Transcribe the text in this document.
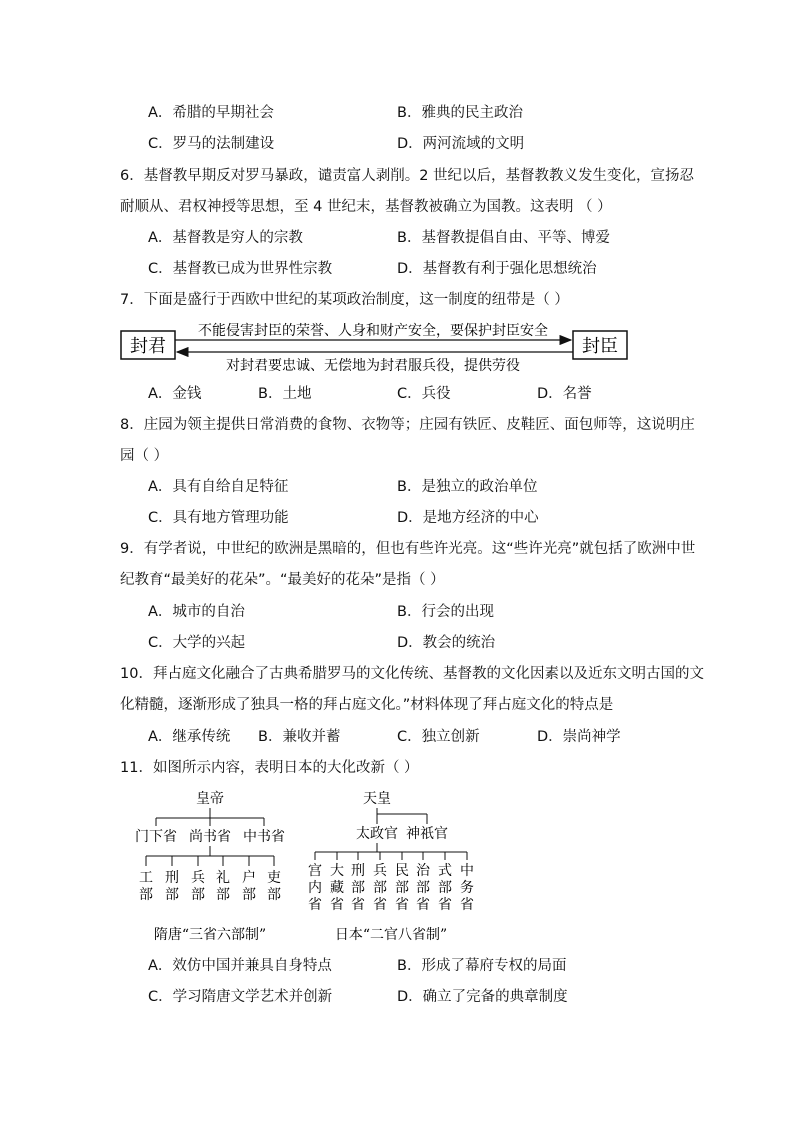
A．希腊的早期社会	B．雅典的民主政治
C．罗马的法制建设	D．两河流域的文明
6．基督教早期反对罗马暴政，谴责富人剥削。2 世纪以后，基督教教义发生变化，宣扬忍
耐顺从、君权神授等思想，至 4 世纪末，基督教被确立为国教。这表明 （ ）
A．基督教是穷人的宗教	B．基督教提倡自由、平等、博爱
C．基督教已成为世界性宗教	D．基督教有利于强化思想统治
7．下面是盛行于西欧中世纪的某项政治制度，这一制度的纽带是（ ）
封君	封臣
不能侵害封臣的荣誉、人身和财产安全，要保护封臣安全
对封君要忠诚、无偿地为封君服兵役，提供劳役
A．金钱	B．土地	C．兵役	D．名誉
8．庄园为领主提供日常消费的食物、衣物等；庄园有铁匠、皮鞋匠、面包师等，这说明庄
园（ ）
A．具有自给自足特征	B．是独立的政治单位
C．具有地方管理功能	D．是地方经济的中心
9．有学者说，中世纪的欧洲是黑暗的，但也有些许光亮。这“些许光亮”就包括了欧洲中世
纪教育“最美好的花朵”。“最美好的花朵”是指（ ）
A．城市的自治	B．行会的出现
C．大学的兴起	D．教会的统治
10．拜占庭文化融合了古典希腊罗马的文化传统、基督教的文化因素以及近东文明古国的文
化精髓，逐渐形成了独具一格的拜占庭文化。”材料体现了拜占庭文化的特点是
A．继承传统 B．兼收并蓄	C．独立创新	D．崇尚神学
11．如图所示内容，表明日本的大化改新（ ）
皇帝
门下省 尚书省 中书省
工部
刑部
兵部
礼部
户部
吏部
隋唐“三省六部制”
天皇
太政官 神祇官
宫内省
大藏省
刑部省
兵部省
民部省
治部省
式部省
中务省
日本“二官八省制”
A．效仿中国并兼具自身特点	B．形成了幕府专权的局面
C．学习隋唐文学艺术并创新	D．确立了完备的典章制度
